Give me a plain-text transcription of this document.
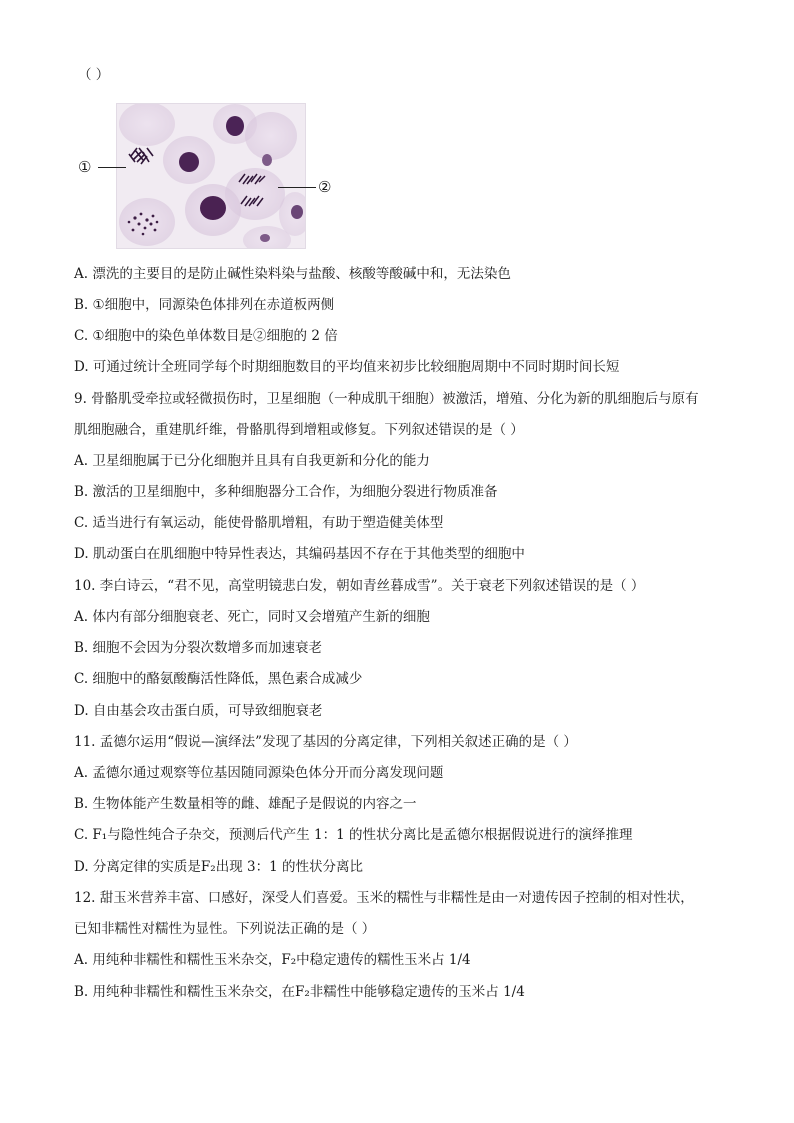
（ ）
①
②
A. 漂洗的主要目的是防止碱性染料染与盐酸、核酸等酸碱中和，无法染色
B. ①细胞中，同源染色体排列在赤道板两侧
C. ①细胞中的染色单体数目是②细胞的 2 倍
D. 可通过统计全班同学每个时期细胞数目的平均值来初步比较细胞周期中不同时期时间长短
9. 骨骼肌受牵拉或轻微损伤时，卫星细胞（一种成肌干细胞）被激活，增殖、分化为新的肌细胞后与原有
肌细胞融合，重建肌纤维，骨骼肌得到增粗或修复。下列叙述错误的是（ ）
A. 卫星细胞属于已分化细胞并且具有自我更新和分化的能力
B. 激活的卫星细胞中，多种细胞器分工合作，为细胞分裂进行物质准备
C. 适当进行有氧运动，能使骨骼肌增粗，有助于塑造健美体型
D. 肌动蛋白在肌细胞中特异性表达，其编码基因不存在于其他类型的细胞中
10. 李白诗云，“君不见，高堂明镜悲白发，朝如青丝暮成雪”。关于衰老下列叙述错误的是（ ）
A. 体内有部分细胞衰老、死亡，同时又会增殖产生新的细胞
B. 细胞不会因为分裂次数增多而加速衰老
C. 细胞中的酪氨酸酶活性降低，黑色素合成减少
D. 自由基会攻击蛋白质，可导致细胞衰老
11. 孟德尔运用“假说—演绎法”发现了基因的分离定律，下列相关叙述正确的是（ ）
A. 孟德尔通过观察等位基因随同源染色体分开而分离发现问题
B. 生物体能产生数量相等的雌、雄配子是假说的内容之一
C. F₁与隐性纯合子杂交，预测后代产生 1：1 的性状分离比是孟德尔根据假说进行的演绎推理
D. 分离定律的实质是F₂出现 3：1 的性状分离比
12. 甜玉米营养丰富、口感好，深受人们喜爱。玉米的糯性与非糯性是由一对遗传因子控制的相对性状，
已知非糯性对糯性为显性。下列说法正确的是（ ）
A. 用纯种非糯性和糯性玉米杂交，F₂中稳定遗传的糯性玉米占 1/4
B. 用纯种非糯性和糯性玉米杂交，在F₂非糯性中能够稳定遗传的玉米占 1/4
